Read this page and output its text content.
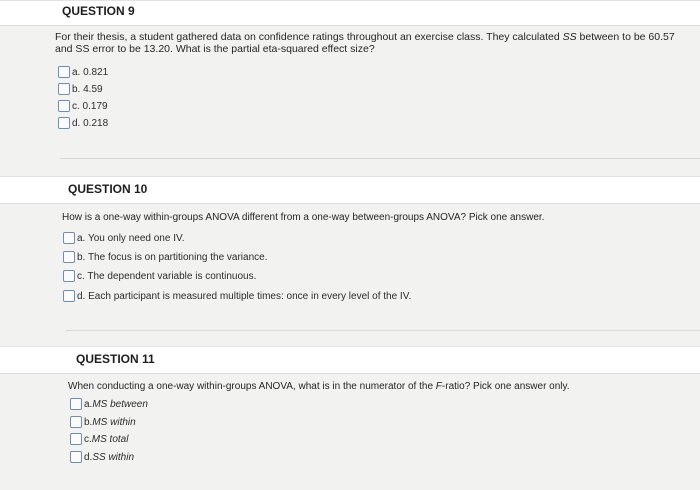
QUESTION 9
For their thesis, a student gathered data on confidence ratings throughout an exercise class. They calculated SS between to be 60.57
and SS error to be 13.20. What is the partial eta-squared effect size?
a. 0.821
b. 4.59
c. 0.179
d. 0.218
QUESTION 10
How is a one-way within-groups ANOVA different from a one-way between-groups ANOVA? Pick one answer.
a. You only need one IV.
b. The focus is on partitioning the variance.
c. The dependent variable is continuous.
d. Each participant is measured multiple times: once in every level of the IV.
QUESTION 11
When conducting a one-way within-groups ANOVA, what is in the numerator of the F-ratio? Pick one answer only.
a. MS between
b. MS within
c. MS total
d. SS within
